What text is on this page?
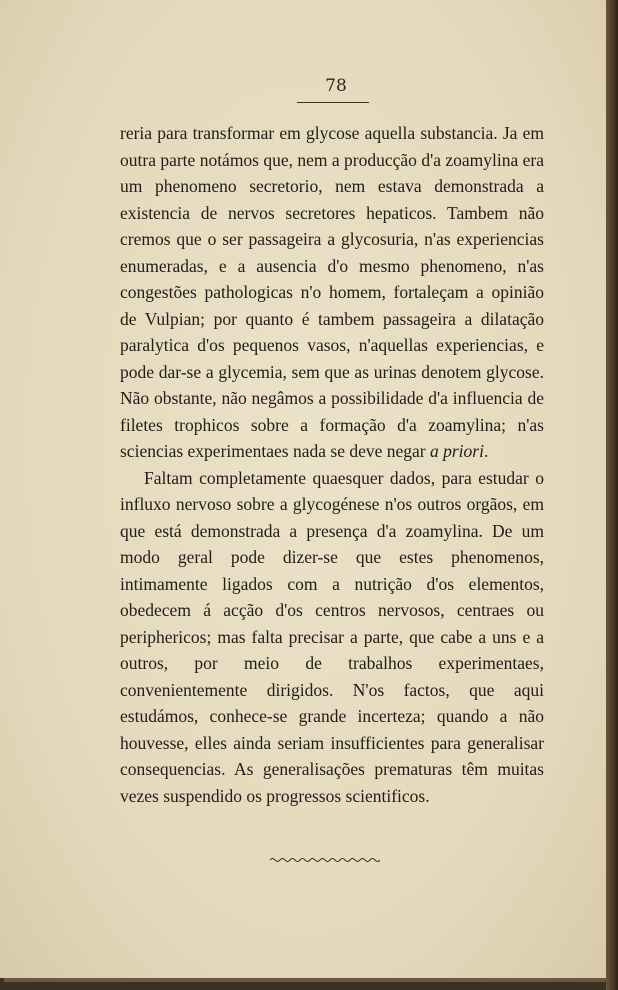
78

reria para transformar em glycose aquella substancia. Ja em outra parte notámos que, nem a producção d'a zoamylina era um phenomeno secretorio, nem estava demonstrada a existencia de nervos secretores hepaticos. Tambem não cremos que o ser passageira a glycosuria, n'as experiencias enumeradas, e a ausencia d'o mesmo phenomeno, n'as congestões pathologicas n'o homem, fortaleçam a opinião de Vulpian; por quanto é tambem passageira a dilatação paralytica d'os pequenos vasos, n'aquellas experiencias, e pode dar-se a glycemia, sem que as urinas denotem glycose. Não obstante, não negâmos a possibilidade d'a influencia de filetes trophicos sobre a formação d'a zoamylina; n'as sciencias experimentaes nada se deve negar a priori.

Faltam completamente quaesquer dados, para estudar o influxo nervoso sobre a glycogénese n'os outros orgãos, em que está demonstrada a presença d'a zoamylina. De um modo geral pode dizer-se que estes phenomenos, intimamente ligados com a nutrição d'os elementos, obedecem á acção d'os centros nervosos, centraes ou periphericos; mas falta precisar a parte, que cabe a uns e a outros, por meio de trabalhos experimentaes, convenientemente dirigidos. N'os factos, que aqui estudámos, conhece-se grande incerteza; quando a não houvesse, elles ainda seriam insufficientes para generalisar consequencias. As generalisações prematuras têm muitas vezes suspendido os progressos scientificos.
